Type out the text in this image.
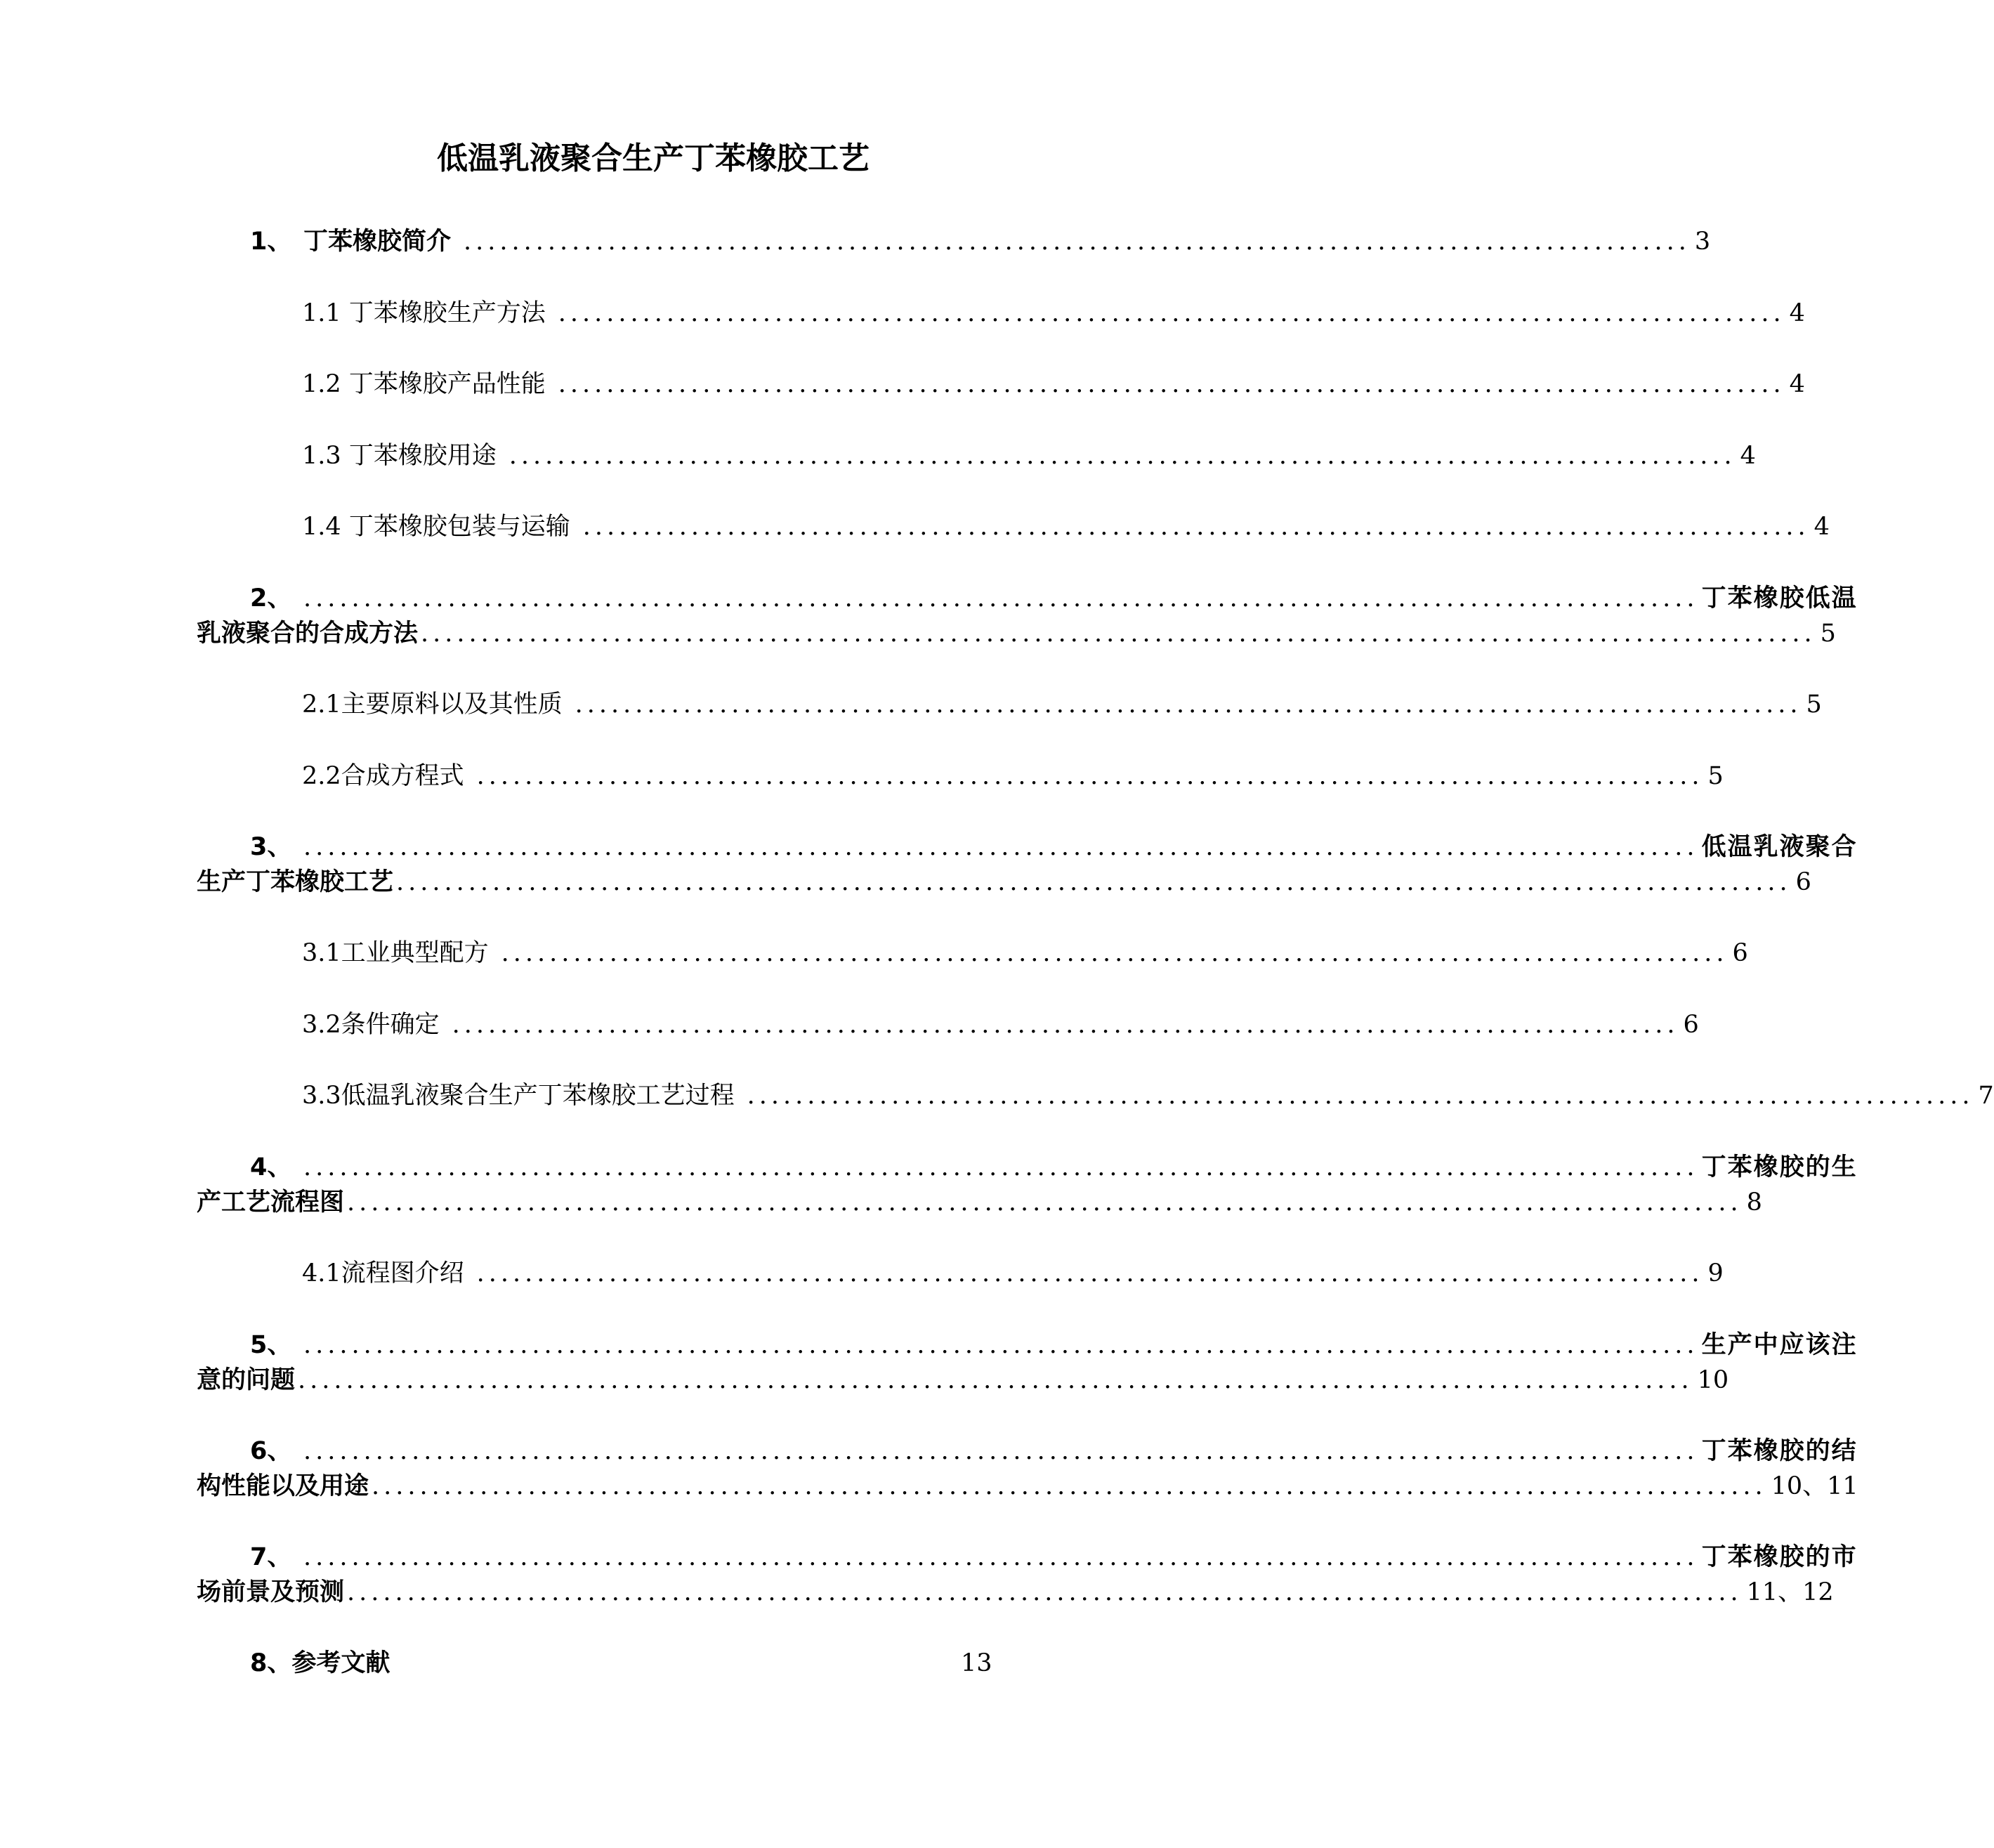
低温乳液聚合生产丁苯橡胶工艺
1、 丁苯橡胶简介 ...................................................................................................... 3
1.1 丁苯橡胶生产方法 ...................................................................................................... 4
1.2 丁苯橡胶产品性能 ...................................................................................................... 4
1.3 丁苯橡胶用途 ...................................................................................................... 4
1.4 丁苯橡胶包装与运输 ...................................................................................................... 4
2、 .................................................................................................................... 丁苯橡胶低温
乳液聚合的合成方法 .................................................................................................................... 5
2.1主要原料以及其性质 ...................................................................................................... 5
2.2合成方程式 ...................................................................................................... 5
3、 .................................................................................................................... 低温乳液聚合
生产丁苯橡胶工艺 .................................................................................................................... 6
3.1工业典型配方 ...................................................................................................... 6
3.2条件确定 ...................................................................................................... 6
3.3低温乳液聚合生产丁苯橡胶工艺过程 ...................................................................................................... 7
4、 .................................................................................................................... 丁苯橡胶的生
产工艺流程图 .................................................................................................................... 8
4.1流程图介绍 ...................................................................................................... 9
5、 .................................................................................................................... 生产中应该注
意的问题 .................................................................................................................... 10
6、 .................................................................................................................... 丁苯橡胶的结
构性能以及用途 .................................................................................................................... 10、11
7、 .................................................................................................................... 丁苯橡胶的市
场前景及预测 .................................................................................................................... 11、12
8、参考文献	13
